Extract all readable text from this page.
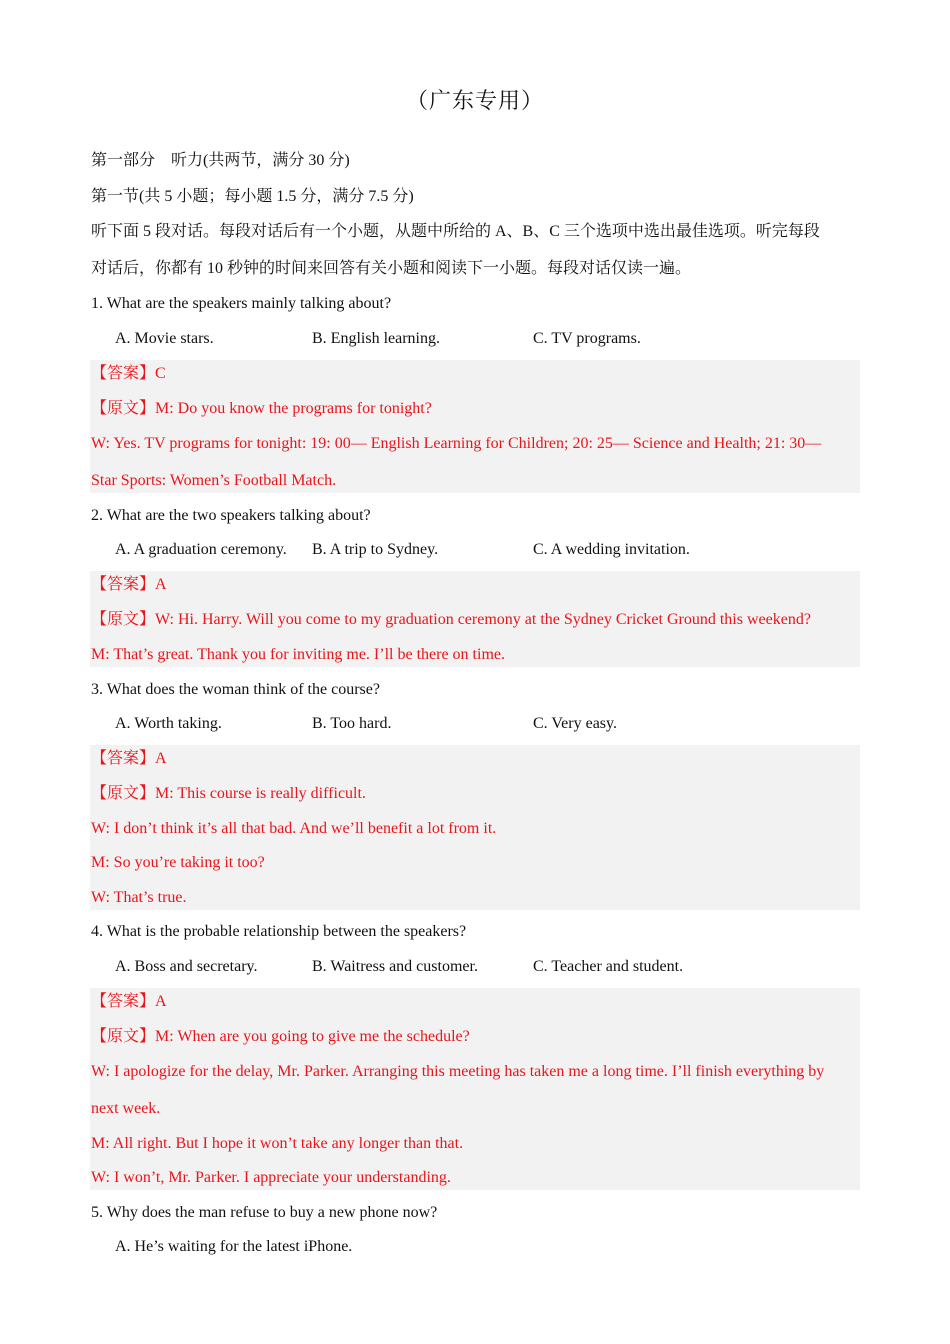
（广东专用）
第一部分　听力(共两节，满分 30 分)
第一节(共 5 小题；每小题 1.5 分，满分 7.5 分)
听下面 5 段对话。每段对话后有一个小题，从题中所给的 A、B、C 三个选项中选出最佳选项。听完每段
对话后，你都有 10 秒钟的时间来回答有关小题和阅读下一小题。每段对话仅读一遍。
1. What are the speakers mainly talking about?
A. Movie stars.	B. English learning.	C. TV programs.
【答案】C
【原文】M: Do you know the programs for tonight?
W: Yes. TV programs for tonight: 19: 00— English Learning for Children; 20: 25— Science and Health; 21: 30—
Star Sports: Women’s Football Match.
2. What are the two speakers talking about?
A. A graduation ceremony. B. A trip to Sydney.	C. A wedding invitation.
【答案】A
【原文】W: Hi. Harry. Will you come to my graduation ceremony at the Sydney Cricket Ground this weekend?
M: That’s great. Thank you for inviting me. I’ll be there on time.
3. What does the woman think of the course?
A. Worth taking.	B. Too hard.	C. Very easy.
【答案】A
【原文】M: This course is really difficult.
W: I don’t think it’s all that bad. And we’ll benefit a lot from it.
M: So you’re taking it too?
W: That’s true.
4. What is the probable relationship between the speakers?
A. Boss and secretary.	B. Waitress and customer.	C. Teacher and student.
【答案】A
【原文】M: When are you going to give me the schedule?
W: I apologize for the delay, Mr. Parker. Arranging this meeting has taken me a long time. I’ll finish everything by
next week.
M: All right. But I hope it won’t take any longer than that.
W: I won’t, Mr. Parker. I appreciate your understanding.
5. Why does the man refuse to buy a new phone now?
A. He’s waiting for the latest iPhone.
